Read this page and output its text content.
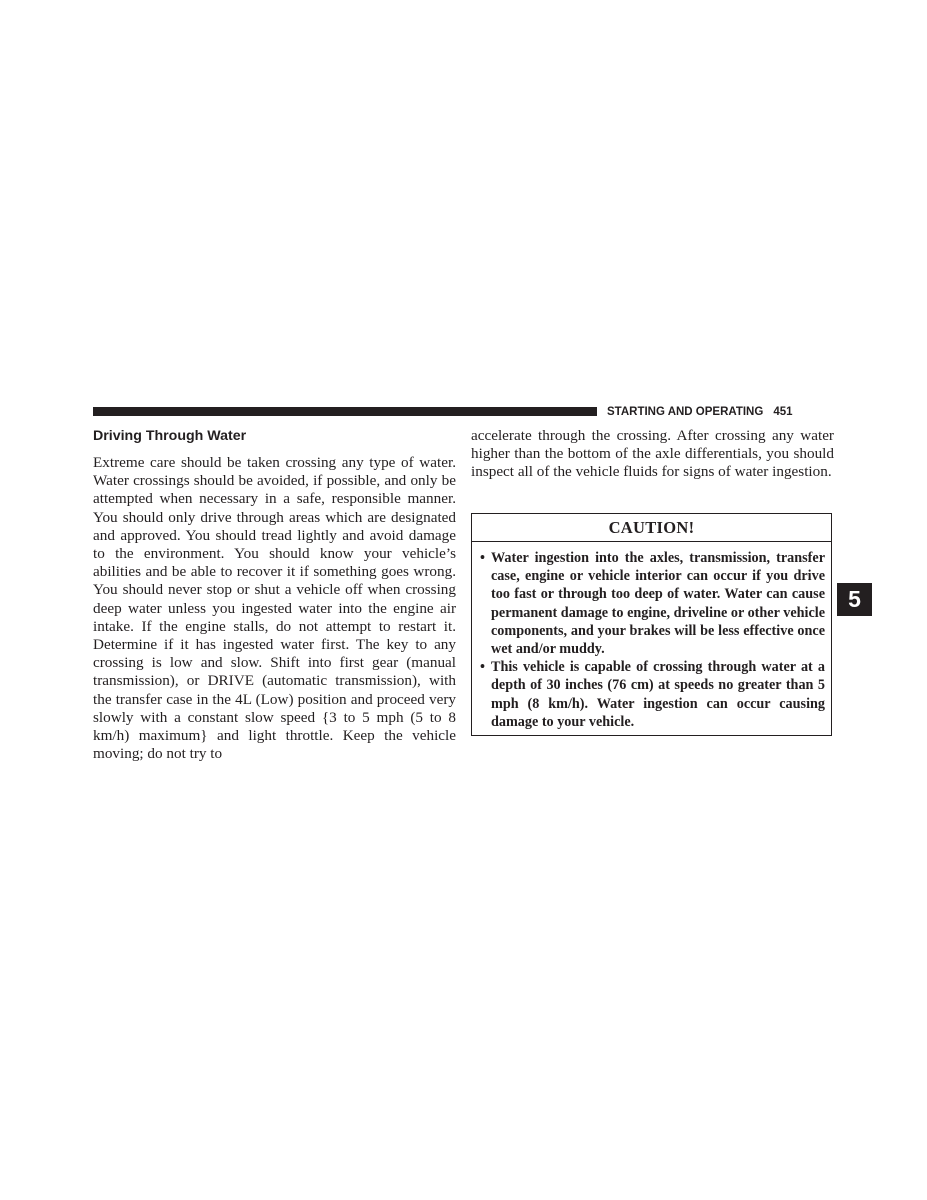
STARTING AND OPERATING 451
Driving Through Water

Extreme care should be taken crossing any type of water. Water crossings should be avoided, if possible, and only be attempted when necessary in a safe, responsible manner. You should only drive through areas which are designated and approved. You should tread lightly and avoid damage to the environment. You should know your vehicle’s abilities and be able to recover it if something goes wrong. You should never stop or shut a vehicle off when crossing deep water unless you ingested water into the engine air intake. If the engine stalls, do not attempt to restart it. Determine if it has ingested water first. The key to any crossing is low and slow. Shift into first gear (manual transmission), or DRIVE (automatic transmission), with the transfer case in the 4L (Low) position and proceed very slowly with a constant slow speed {3 to 5 mph (5 to 8 km/h) maximum} and light throttle. Keep the vehicle moving; do not try to

accelerate through the crossing. After crossing any water higher than the bottom of the axle differentials, you should inspect all of the vehicle fluids for signs of water ingestion.

CAUTION!
• Water ingestion into the axles, transmission, transfer case, engine or vehicle interior can occur if you drive too fast or through too deep of water. Water can cause permanent damage to engine, driveline or other vehicle components, and your brakes will be less effective once wet and/or muddy.
• This vehicle is capable of crossing through water at a depth of 30 inches (76 cm) at speeds no greater than 5 mph (8 km/h). Water ingestion can occur causing damage to your vehicle.
5
